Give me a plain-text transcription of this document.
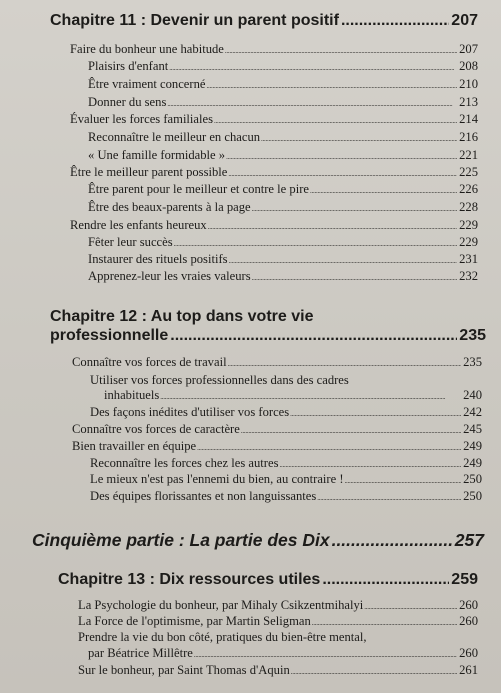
Chapitre 11 : Devenir un parent positif .....	207
Faire du bonheur une habitude . . .	207
Plaisirs d'enfant . . .	208
Être vraiment concerné . . .	210
Donner du sens . . .	213
Évaluer les forces familiales . . .	214
Reconnaître le meilleur en chacun . . .	216
« Une famille formidable » . . .	221
Être le meilleur parent possible . . .	225
Être parent pour le meilleur et contre le pire . . .	226
Être des beaux-parents à la page . . .	228
Rendre les enfants heureux . . .	229
Fêter leur succès . . .	229
Instaurer des rituels positifs . . .	231
Apprenez-leur les vraies valeurs . . .	232
Chapitre 12 : Au top dans votre vie
professionnelle .....	235
Connaître vos forces de travail . . .	235
Utiliser vos forces professionnelles dans des cadres
inhabituels . . .	240
Des façons inédites d'utiliser vos forces . . .	242
Connaître vos forces de caractère . . .	245
Bien travailler en équipe . . .	249
Reconnaître les forces chez les autres . . .	249
Le mieux n'est pas l'ennemi du bien, au contraire ! . . .	250
Des équipes florissantes et non languissantes . . .	250
Cinquième partie : La partie des Dix .....	257
Chapitre 13 : Dix ressources utiles .....	259
La Psychologie du bonheur, par Mihaly Csikzentmihalyi . . .	260
La Force de l'optimisme, par Martin Seligman . . .	260
Prendre la vie du bon côté, pratiques du bien-être mental,
par Béatrice Millêtre . . .	260
Sur le bonheur, par Saint Thomas d'Aquin . . .	261
